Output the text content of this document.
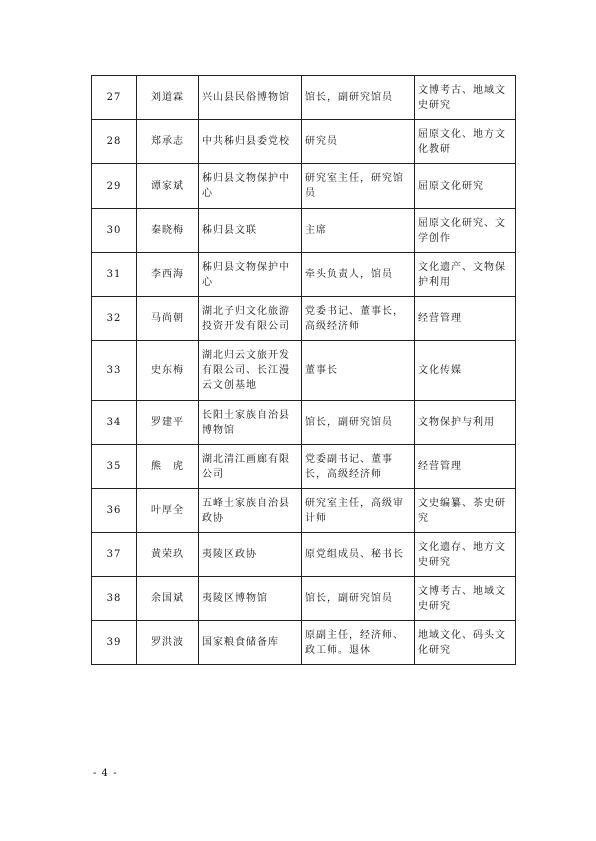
27	刘道霖	兴山县民俗博物馆	馆长，副研究馆员	文博考古、地域文史研究
28	郑承志	中共秭归县委党校	研究员	屈原文化、地方文化教研
29	谭家斌	秭归县文物保护中心	研究室主任，研究馆员	屈原文化研究
30	秦晓梅	秭归县文联	主席	屈原文化研究、文学创作
31	李西海	秭归县文物保护中心	牵头负责人，馆员	文化遗产、文物保护利用
32	马尚朝	湖北子归文化旅游投资开发有限公司	党委书记、董事长，高级经济师	经营管理
33	史东梅	湖北归云文旅开发有限公司、长江漫云文创基地	董事长	文化传媒
34	罗建平	长阳土家族自治县博物馆	馆长，副研究馆员	文物保护与利用
35	熊　虎	湖北清江画廊有限公司	党委副书记、董事长，高级经济师	经营管理
36	叶厚全	五峰土家族自治县政协	研究室主任，高级审计师	文史编纂、茶史研究
37	黄荣玖	夷陵区政协	原党组成员、秘书长	文化遗存、地方文史研究
38	余国斌	夷陵区博物馆	馆长，副研究馆员	文博考古、地域文史研究
39	罗洪波	国家粮食储备库	原副主任，经济师、政工师。退休	地域文化、码头文化研究
- 4 -
